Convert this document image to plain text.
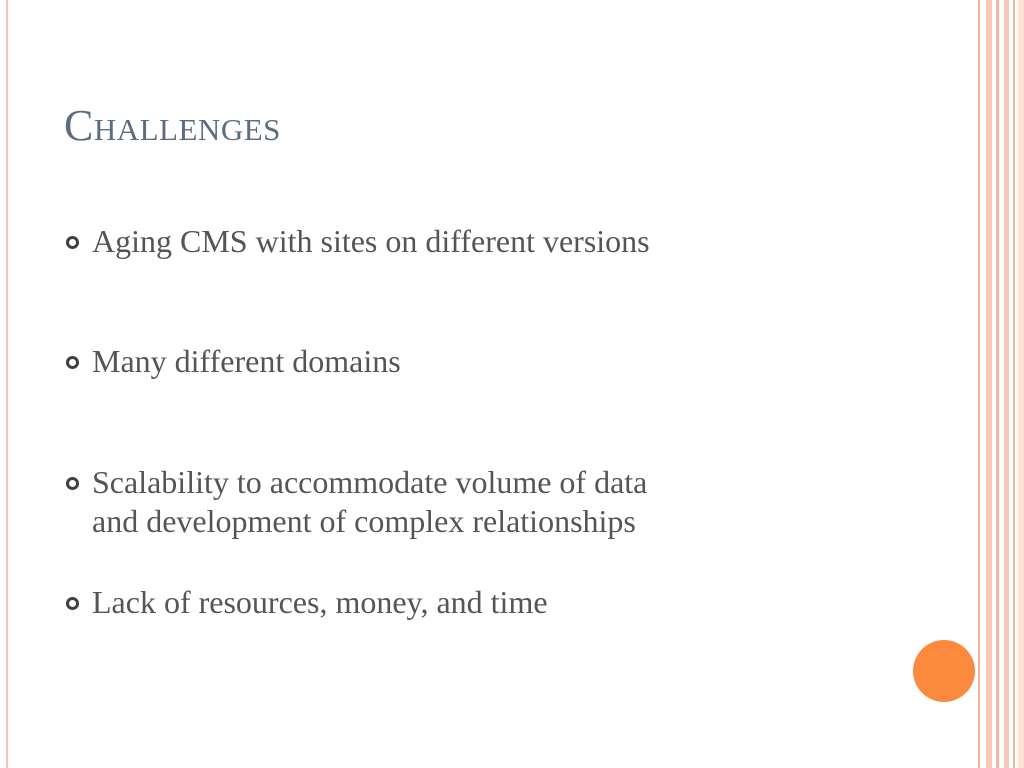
Challenges
Aging CMS with sites on different versions
Many different domains
Scalability to accommodate volume of data
and development of complex relationships
Lack of resources, money, and time
